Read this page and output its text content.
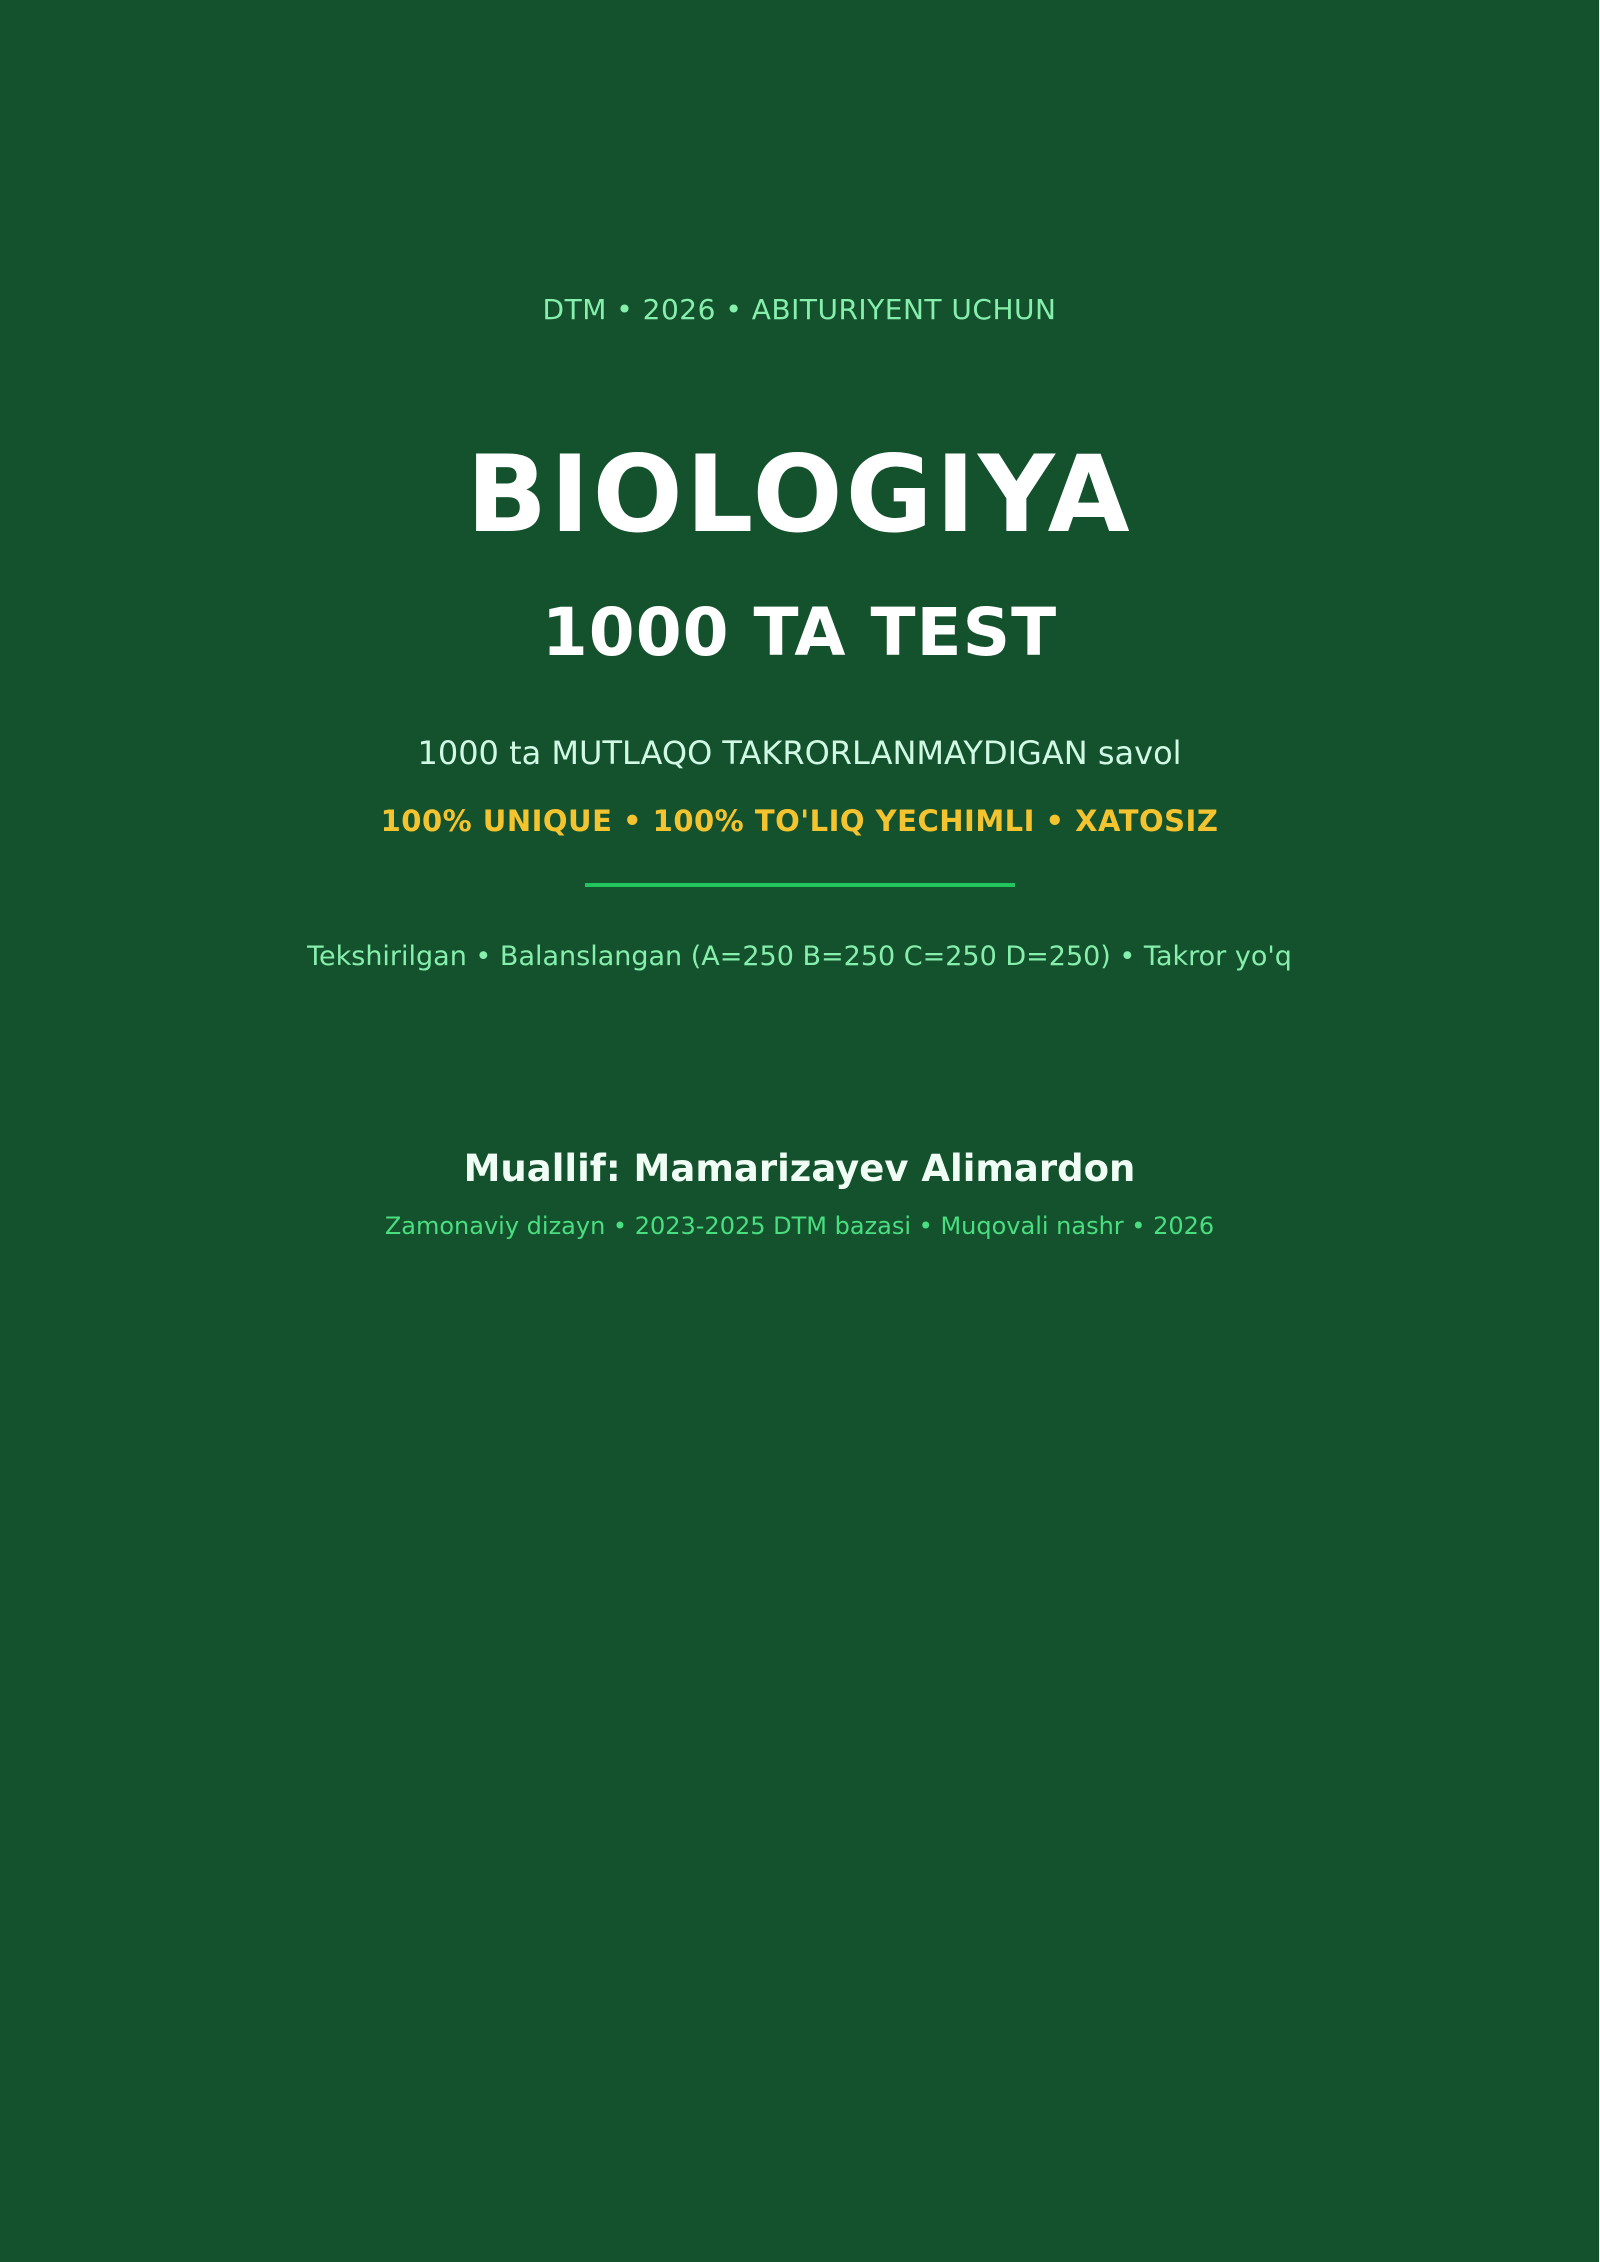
DTM • 2026 • ABITURIYENT UCHUN
BIOLOGIYA
1000 TA TEST
1000 ta MUTLAQO TAKRORLANMAYDIGAN savol
100% UNIQUE • 100% TO'LIQ YECHIMLI • XATOSIZ
Tekshirilgan • Balanslangan (A=250 B=250 C=250 D=250) • Takror yo'q
Muallif: Mamarizayev Alimardon
Zamonaviy dizayn • 2023-2025 DTM bazasi • Muqovali nashr • 2026
